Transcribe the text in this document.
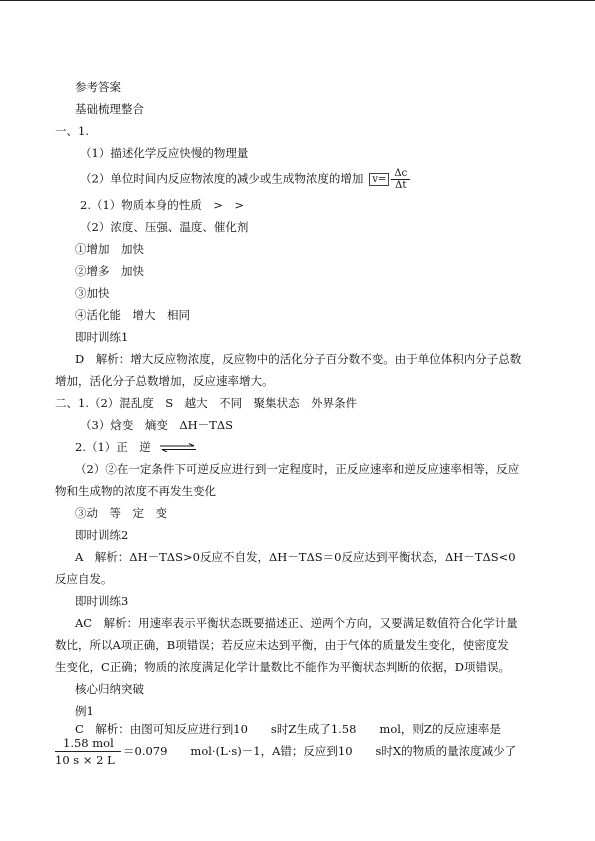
参考答案
基础梳理整合
一、1.
（1）描述化学反应快慢的物理量
（2）单位时间内反应物浓度的减少或生成物浓度的增加 $v= \frac{\Delta c}{\Delta t}$
2.（1）物质本身的性质　>　>
（2）浓度、压强、温度、催化剂
①增加　加快
②增多　加快
③加快
④活化能　增大　相同
即时训练1
D　解析：增大反应物浓度，反应物中的活化分子百分数不变。由于单位体积内分子总数
增加，活化分子总数增加，反应速率增大。
二、1.（2）混乱度　S　越大　不同　聚集状态　外界条件
（3）焓变　熵变　ΔH－TΔS
2.（1）正　逆 ⇌
（2）②在一定条件下可逆反应进行到一定程度时，正反应速率和逆反应速率相等，反应
物和生成物的浓度不再发生变化
③动　等　定　变
即时训练2
A　解析：ΔH－TΔS>0反应不自发，ΔH－TΔS＝0反应达到平衡状态，ΔH－TΔS<0
反应自发。
即时训练3
AC　解析：用速率表示平衡状态既要描述正、逆两个方向，又要满足数值符合化学计量
数比，所以A项正确，B项错误；若反应未达到平衡，由于气体的质量发生变化，使密度发
生变化，C正确；物质的浓度满足化学计量数比不能作为平衡状态判断的依据，D项错误。
核心归纳突破
例1
C　解析：由图可知反应进行到10　　s时Z生成了1.58　　mol，则Z的反应速率是
1.58 mol
10 s × 2 L
＝0.079　　mol·(L·s)－1，A错；反应到10　　s时X的物质的量浓度减少了
